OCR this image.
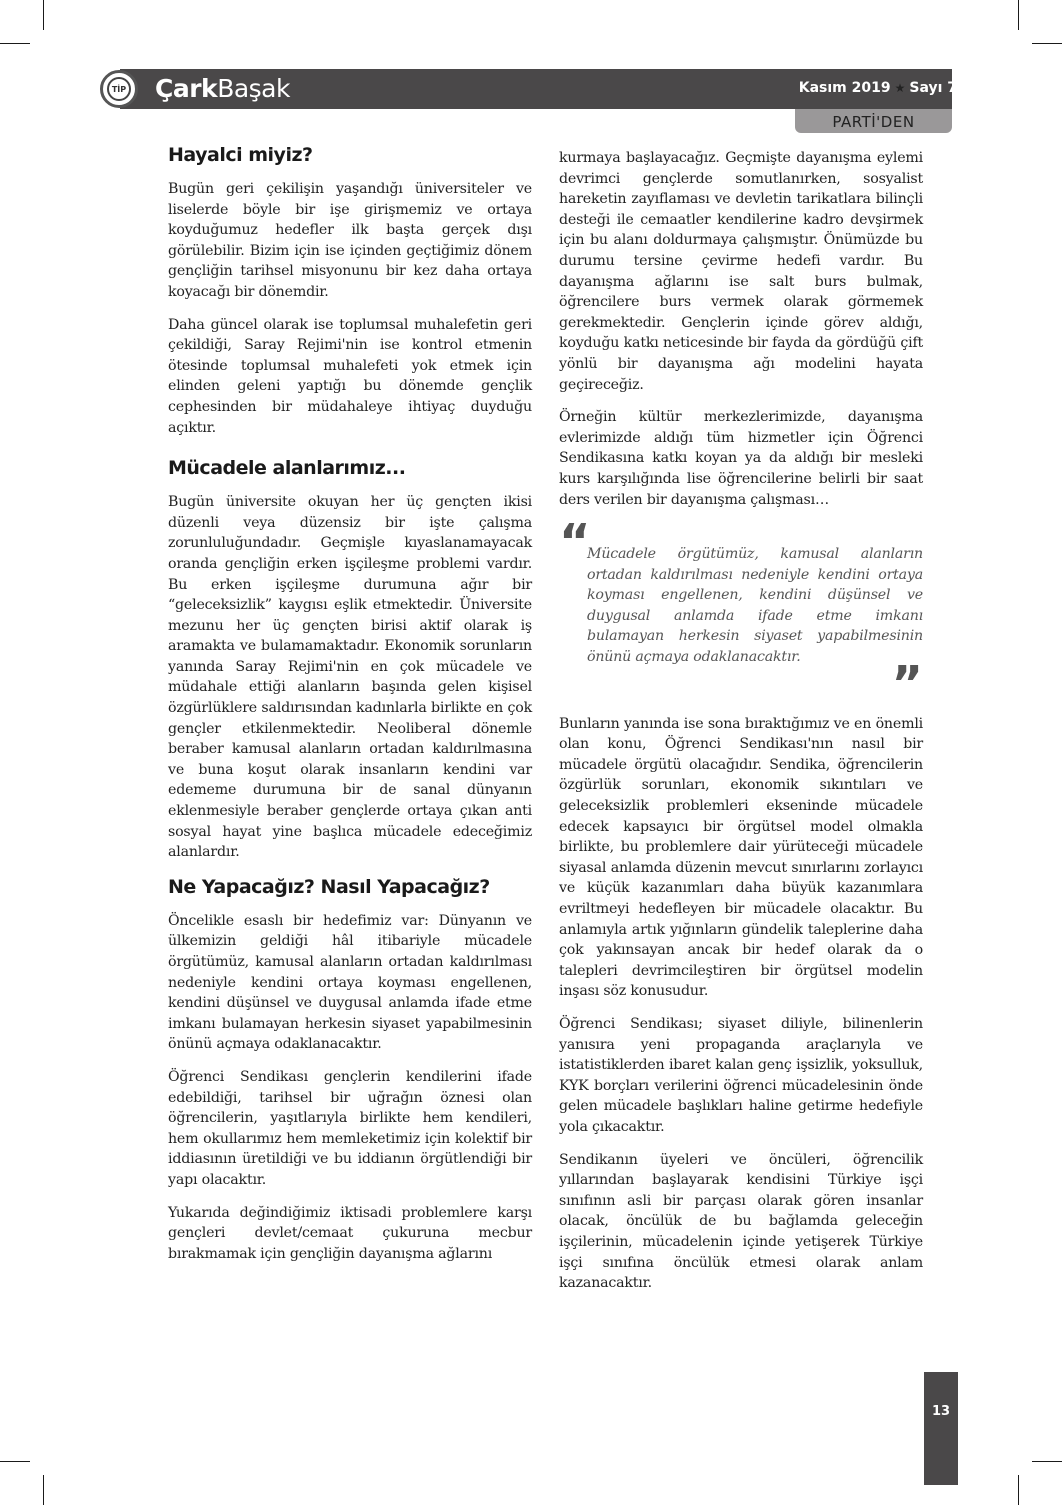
TİP ÇarkBaşak	Kasım 2019 ★ Sayı 7
PARTİ'DEN
Hayalci miyiz?

Bugün geri çekilişin yaşandığı üniversiteler ve liselerde böyle bir işe girişmemiz ve ortaya koyduğumuz hedefler ilk başta gerçek dışı görülebilir. Bizim için ise içinden geçtiğimiz dönem gençliğin tarihsel misyonunu bir kez daha ortaya koyacağı bir dönemdir.

Daha güncel olarak ise toplumsal muhalefetin geri çekildiği, Saray Rejimi'nin ise kontrol etmenin ötesinde toplumsal muhalefeti yok etmek için elinden geleni yaptığı bu dönemde gençlik cephesinden bir müdahaleye ihtiyaç duyduğu açıktır.

Mücadele alanlarımız...

Bugün üniversite okuyan her üç gençten ikisi düzenli veya düzensiz bir işte çalışma zorunluluğundadır. Geçmişle kıyaslanamayacak oranda gençliğin erken işçileşme problemi vardır. Bu erken işçileşme durumuna ağır bir “geleceksizlik” kaygısı eşlik etmektedir. Üniversite mezunu her üç gençten birisi aktif olarak iş aramakta ve bulamamaktadır. Ekonomik sorunların yanında Saray Rejimi'nin en çok mücadele ve müdahale ettiği alanların başında gelen kişisel özgürlüklere saldırısından kadınlarla birlikte en çok gençler etkilenmektedir. Neoliberal dönemle beraber kamusal alanların ortadan kaldırılmasına ve buna koşut olarak insanların kendini var edememe durumuna bir de sanal dünyanın eklenmesiyle beraber gençlerde ortaya çıkan anti sosyal hayat yine başlıca mücadele edeceğimiz alanlardır.

Ne Yapacağız? Nasıl Yapacağız?

Öncelikle esaslı bir hedefimiz var: Dünyanın ve ülkemizin geldiği hâl itibariyle mücadele örgütümüz, kamusal alanların ortadan kaldırılması nedeniyle kendini ortaya koyması engellenen, kendini düşünsel ve duygusal anlamda ifade etme imkanı bulamayan herkesin siyaset yapabilmesinin önünü açmaya odaklanacaktır.

Öğrenci Sendikası gençlerin kendilerini ifade edebildiği, tarihsel bir uğrağın öznesi olan öğrencilerin, yaşıtlarıyla birlikte hem kendileri, hem okullarımız hem memleketimiz için kolektif bir iddiasının üretildiği ve bu iddianın örgütlendiği bir yapı olacaktır.

Yukarıda değindiğimiz iktisadi problemlere karşı gençleri devlet/cemaat çukuruna mecbur bırakmamak için gençliğin dayanışma ağlarını

kurmaya başlayacağız. Geçmişte dayanışma eylemi devrimci gençlerde somutlanırken, sosyalist hareketin zayıflaması ve devletin tarikatlara bilinçli desteği ile cemaatler kendilerine kadro devşirmek için bu alanı doldurmaya çalışmıştır. Önümüzde bu durumu tersine çevirme hedefi vardır. Bu dayanışma ağlarını ise salt burs bulmak, öğrencilere burs vermek olarak görmemek gerekmektedir. Gençlerin içinde görev aldığı, koyduğu katkı neticesinde bir fayda da gördüğü çift yönlü bir dayanışma ağı modelini hayata geçireceğiz.

Örneğin kültür merkezlerimizde, dayanışma evlerimizde aldığı tüm hizmetler için Öğrenci Sendikasına katkı koyan ya da aldığı bir mesleki kurs karşılığında lise öğrencilerine belirli bir saat ders verilen bir dayanışma çalışması…

“

Mücadele örgütümüz, kamusal alanların ortadan kaldırılması nedeniyle kendini ortaya koyması engellenen, kendini düşünsel ve duygusal anlamda ifade etme imkanı bulamayan herkesin siyaset yapabilmesinin önünü açmaya odaklanacaktır.	”

Bunların yanında ise sona bıraktığımız ve en önemli olan konu, Öğrenci Sendikası'nın nasıl bir mücadele örgütü olacağıdır. Sendika, öğrencilerin özgürlük sorunları, ekonomik sıkıntıları ve geleceksizlik problemleri ekseninde mücadele edecek kapsayıcı bir örgütsel model olmakla birlikte, bu problemlere dair yürüteceği mücadele siyasal anlamda düzenin mevcut sınırlarını zorlayıcı ve küçük kazanımları daha büyük kazanımlara evriltmeyi hedefleyen bir mücadele olacaktır. Bu anlamıyla artık yığınların gündelik taleplerine daha çok yakınsayan ancak bir hedef olarak da o talepleri devrimcileştiren bir örgütsel modelin inşası söz konusudur.

Öğrenci Sendikası; siyaset diliyle, bilinenlerin yanısıra yeni propaganda araçlarıyla ve istatistiklerden ibaret kalan genç işsizlik, yoksulluk, KYK borçları verilerini öğrenci mücadelesinin önde gelen mücadele başlıkları haline getirme hedefiyle yola çıkacaktır.

Sendikanın üyeleri ve öncüleri, öğrencilik yıllarından başlayarak kendisini Türkiye işçi sınıfının asli bir parçası olarak gören insanlar olacak, öncülük de bu bağlamda geleceğin işçilerinin, mücadelenin içinde yetişerek Türkiye işçi sınıfına öncülük etmesi olarak anlam kazanacaktır.

13
